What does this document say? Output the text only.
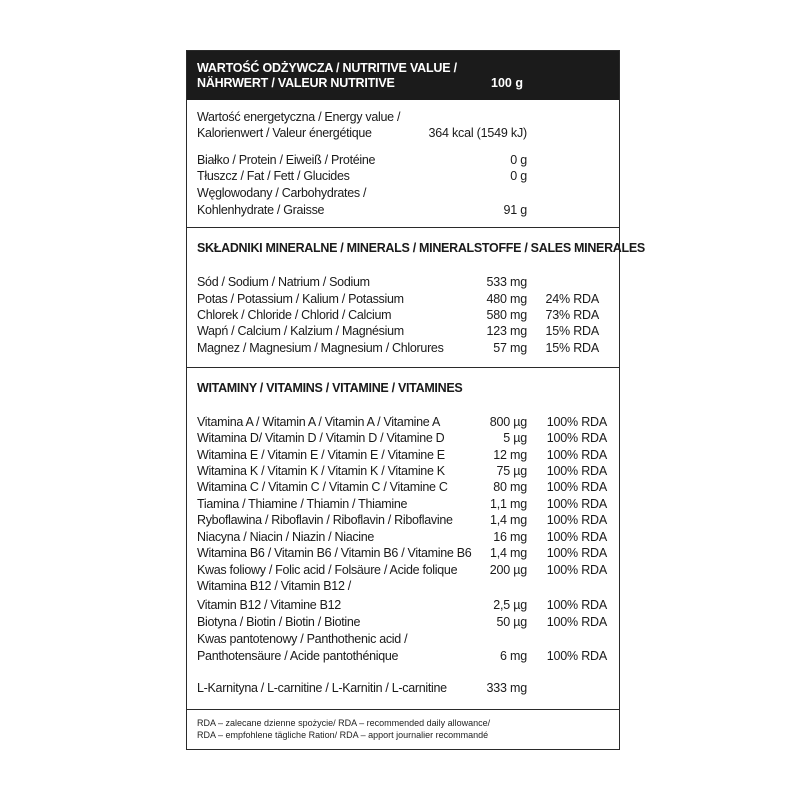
WARTOŚĆ ODŻYWCZA / NUTRITIVE VALUE /
NÄHRWERT / VALEUR NUTRITIVE	100 g
Wartość energetyczna / Energy value /
Kalorienwert / Valeur énergétique	364 kcal (1549 kJ)
Białko / Protein / Eiweiß / Protéine	0 g
Tłuszcz / Fat / Fett / Glucides	0 g
Węglowodany / Carbohydrates /
Kohlenhydrate / Graisse	91 g
SKŁADNIKI MINERALNE / MINERALS / MINERALSTOFFE / SALES MINERALES
Sód / Sodium / Natrium / Sodium	533 mg
Potas / Potassium / Kalium / Potassium	480 mg	24% RDA
Chlorek / Chloride / Chlorid / Calcium	580 mg	73% RDA
Wapń / Calcium / Kalzium / Magnésium	123 mg	15% RDA
Magnez / Magnesium / Magnesium / Chlorures	57 mg	15% RDA
WITAMINY / VITAMINS / VITAMINE / VITAMINES
Vitamina A / Witamin A / Vitamin A / Vitamine A	800 µg	100% RDA
Witamina D/ Vitamin D / Vitamin D / Vitamine D	5 µg	100% RDA
Witamina E / Vitamin E / Vitamin E / Vitamine E	12 mg	100% RDA
Witamina K / Vitamin K / Vitamin K / Vitamine K	75 µg	100% RDA
Witamina C / Vitamin C / Vitamin C / Vitamine C	80 mg	100% RDA
Tiamina / Thiamine / Thiamin / Thiamine	1,1 mg	100% RDA
Ryboflawina / Riboflavin / Riboflavin / Riboflavine	1,4 mg	100% RDA
Niacyna / Niacin / Niazin / Niacine	16 mg	100% RDA
Witamina B6 / Vitamin B6 / Vitamin B6 / Vitamine B6	1,4 mg	100% RDA
Kwas foliowy / Folic acid / Folsäure / Acide folique	200 µg	100% RDA
Witamina B12 / Vitamin B12 /
Vitamin B12 / Vitamine B12	2,5 µg	100% RDA
Biotyna / Biotin / Biotin / Biotine	50 µg	100% RDA
Kwas pantotenowy / Panthothenic acid /
Panthotensäure / Acide pantothénique	6 mg	100% RDA
L-Karnityna / L-carnitine / L-Karnitin / L-carnitine	333 mg
RDA – zalecane dzienne spożycie/ RDA – recommended daily allowance/
RDA – empfohlene tägliche Ration/ RDA – apport journalier recommandé
